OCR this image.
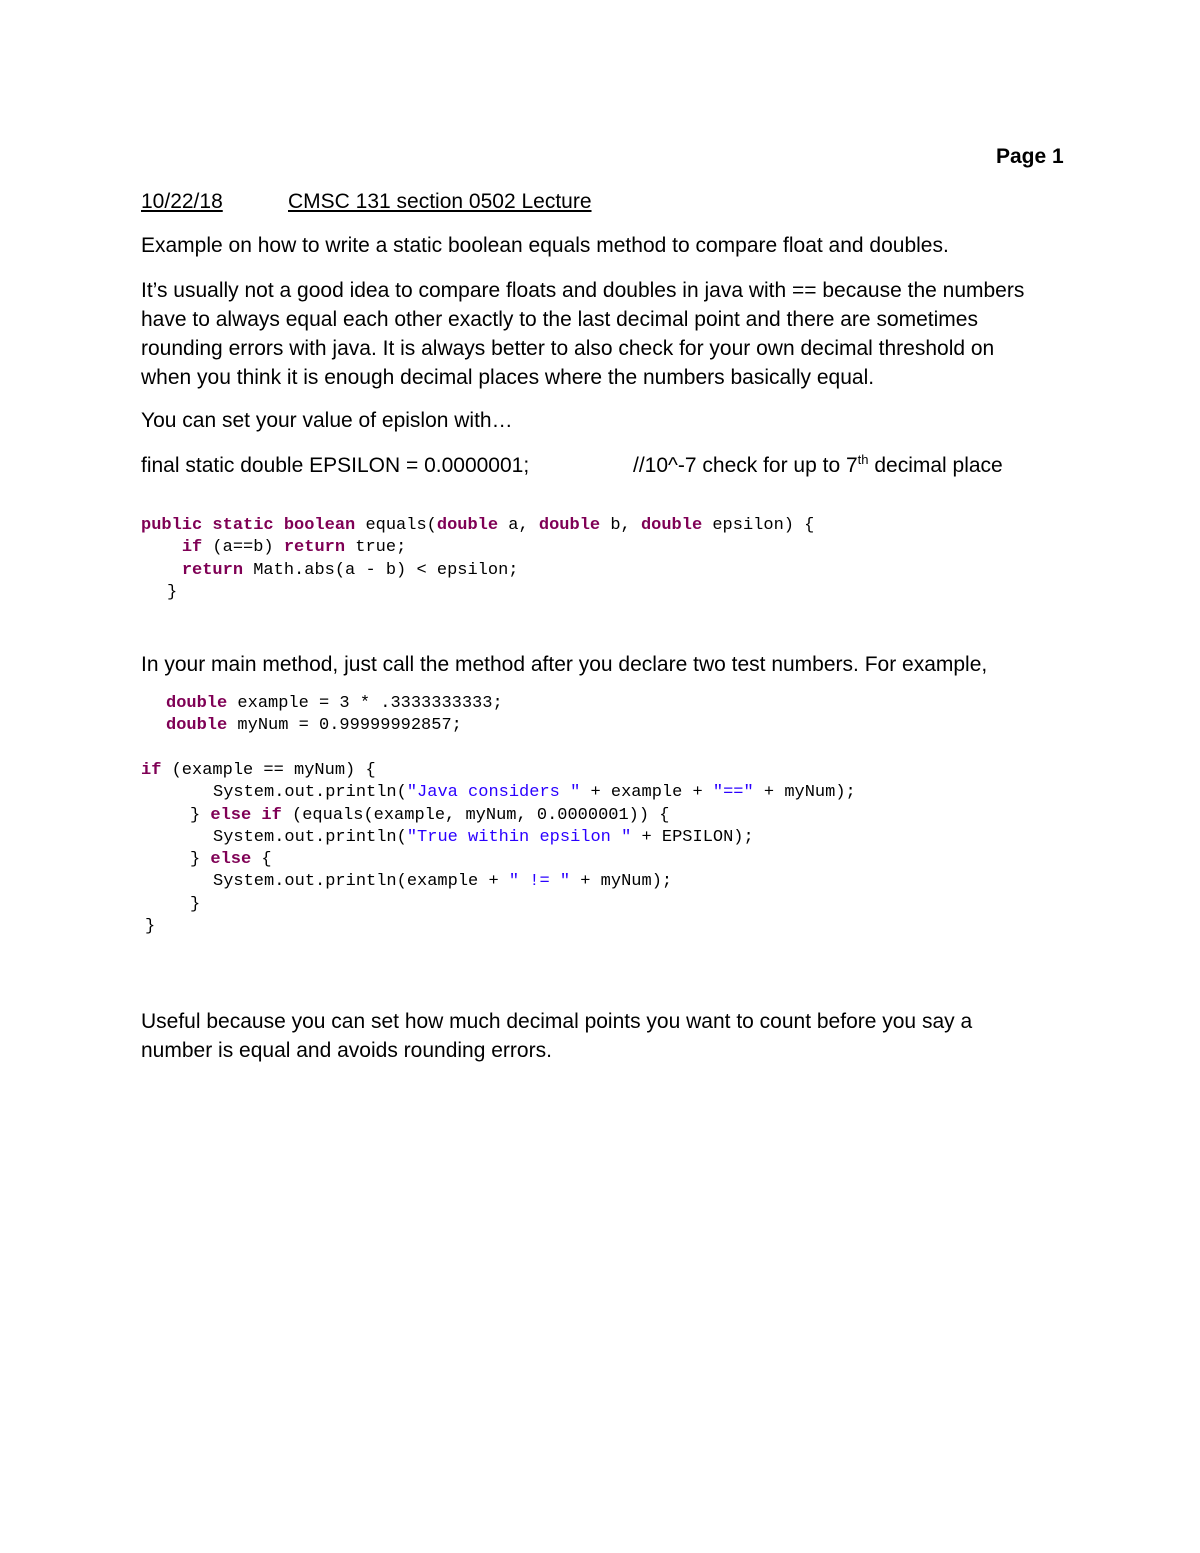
Page 1
10/22/18	CMSC 131 section 0502 Lecture
Example on how to write a static boolean equals method to compare float and doubles.
It’s usually not a good idea to compare floats and doubles in java with == because the numbers
have to always equal each other exactly to the last decimal point and there are sometimes
rounding errors with java. It is always better to also check for your own decimal threshold on
when you think it is enough decimal places where the numbers basically equal.
You can set your value of epislon with…
final static double EPSILON = 0.0000001;	//10^-7 check for up to 7th decimal place
public static boolean equals(double a, double b, double epsilon) {
if (a==b) return true;
return Math.abs(a - b) < epsilon;
}
In your main method, just call the method after you declare two test numbers. For example,
double example = 3 * .3333333333;
double myNum = 0.99999992857;
if (example == myNum) {
System.out.println("Java considers " + example + "==" + myNum);
} else if (equals(example, myNum, 0.0000001)) {
System.out.println("True within epsilon " + EPSILON);
} else {
System.out.println(example + " != " + myNum);
}
}
Useful because you can set how much decimal points you want to count before you say a
number is equal and avoids rounding errors.
